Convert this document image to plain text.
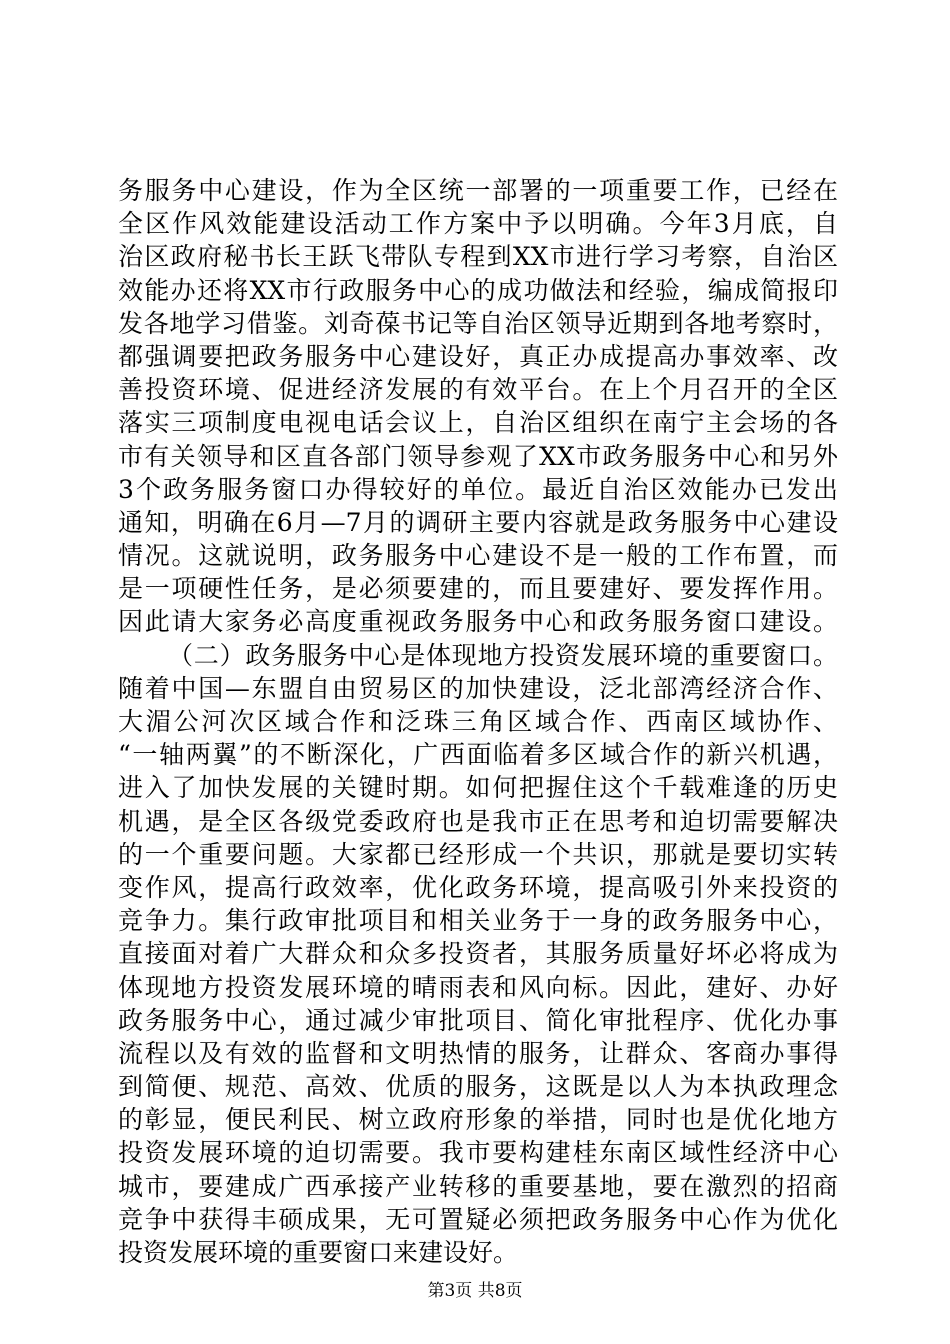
务服务中心建设，作为全区统一部署的一项重要工作，已经在
全区作风效能建设活动工作方案中予以明确。今年3月底，自
治区政府秘书长王跃飞带队专程到XX市进行学习考察，自治区
效能办还将XX市行政服务中心的成功做法和经验，编成简报印
发各地学习借鉴。刘奇葆书记等自治区领导近期到各地考察时，
都强调要把政务服务中心建设好，真正办成提高办事效率、改
善投资环境、促进经济发展的有效平台。在上个月召开的全区
落实三项制度电视电话会议上，自治区组织在南宁主会场的各
市有关领导和区直各部门领导参观了XX市政务服务中心和另外
3个政务服务窗口办得较好的单位。最近自治区效能办已发出
通知，明确在6月—7月的调研主要内容就是政务服务中心建设
情况。这就说明，政务服务中心建设不是一般的工作布置，而
是一项硬性任务，是必须要建的，而且要建好、要发挥作用。
因此请大家务必高度重视政务服务中心和政务服务窗口建设。
（二）政务服务中心是体现地方投资发展环境的重要窗口。
随着中国—东盟自由贸易区的加快建设，泛北部湾经济合作、
大湄公河次区域合作和泛珠三角区域合作、西南区域协作、
“一轴两翼”的不断深化，广西面临着多区域合作的新兴机遇，
进入了加快发展的关键时期。如何把握住这个千载难逢的历史
机遇，是全区各级党委政府也是我市正在思考和迫切需要解决
的一个重要问题。大家都已经形成一个共识，那就是要切实转
变作风，提高行政效率，优化政务环境，提高吸引外来投资的
竞争力。集行政审批项目和相关业务于一身的政务服务中心，
直接面对着广大群众和众多投资者，其服务质量好坏必将成为
体现地方投资发展环境的晴雨表和风向标。因此，建好、办好
政务服务中心，通过减少审批项目、简化审批程序、优化办事
流程以及有效的监督和文明热情的服务，让群众、客商办事得
到简便、规范、高效、优质的服务，这既是以人为本执政理念
的彰显，便民利民、树立政府形象的举措，同时也是优化地方
投资发展环境的迫切需要。我市要构建桂东南区域性经济中心
城市，要建成广西承接产业转移的重要基地，要在激烈的招商
竞争中获得丰硕成果，无可置疑必须把政务服务中心作为优化
投资发展环境的重要窗口来建设好。
第3页 共8页
